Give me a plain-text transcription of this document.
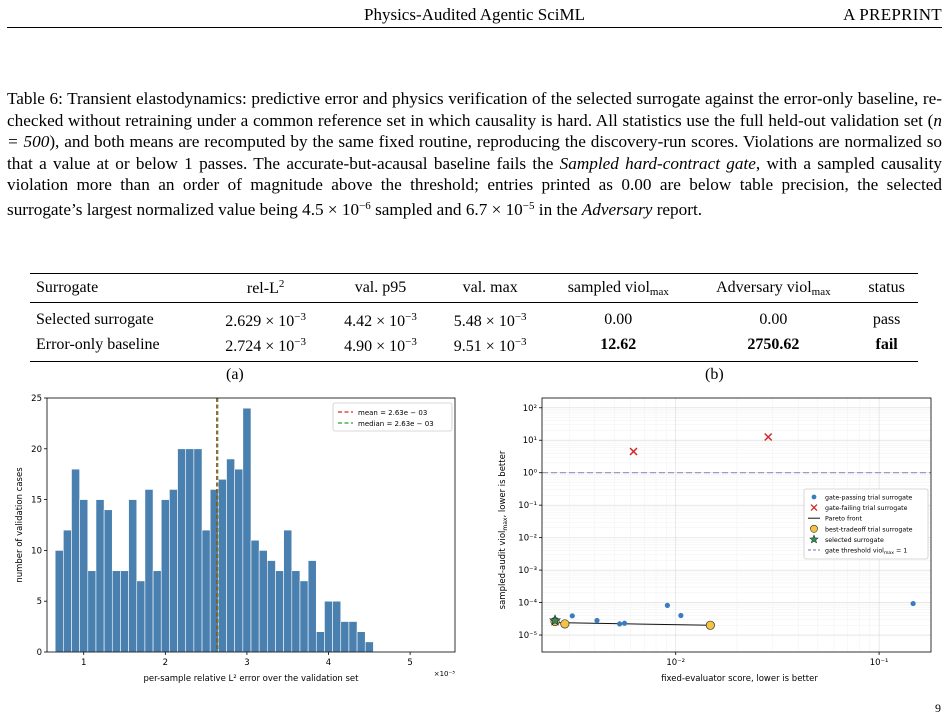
Physics-Audited Agentic SciML	A PREPRINT
Table 6: Transient elastodynamics: predictive error and physics verification of the selected surrogate against the error-only baseline, re-checked without retraining under a common reference set in which causality is hard. All statistics use the full held-out validation set (n = 500), and both means are recomputed by the same fixed routine, reproducing the discovery-run scores. Violations are normalized so that a value at or below 1 passes. The accurate-but-acausal baseline fails the Sampled hard-contract gate, with a sampled causality violation more than an order of magnitude above the threshold; entries printed as 0.00 are below table precision, the selected surrogate’s largest normalized value being $4.5 \times 10^{-6}$ sampled and $6.7 \times 10^{-5}$ in the Adversary report.
Surrogate	rel-$L^2$	val. p95	val. max	sampled viol$_{max}$	Adversary viol$_{max}$	status
Selected surrogate	$2.629 \times 10^{-3}$	$4.42 \times 10^{-3}$	$5.48 \times 10^{-3}$	0.00	0.00	pass
Error-only baseline	$2.724 \times 10^{-3}$	$4.90 \times 10^{-3}$	$9.51 \times 10^{-3}$	12.62	2750.62	fail
(a)	(b)
1	2	3	4	5
0
5
10
15
20
25
per-sample relative L² error over the validation set	×10⁻³
number of validation cases
mean = 2.63e − 03
median = 2.63e − 03
10²
10¹
10⁰
10⁻¹
10⁻²
10⁻³
10⁻⁴
10⁻⁵
10⁻²	10⁻¹
fixed-evaluator score, lower is better
sampled-audit viol$_{max}$, lower is better	gate-passing trial surrogate
gate-failing trial surrogate
Pareto front
best-tradeoff trial surrogate
selected surrogate
gate threshold viol$_{max}$ = 1
9
